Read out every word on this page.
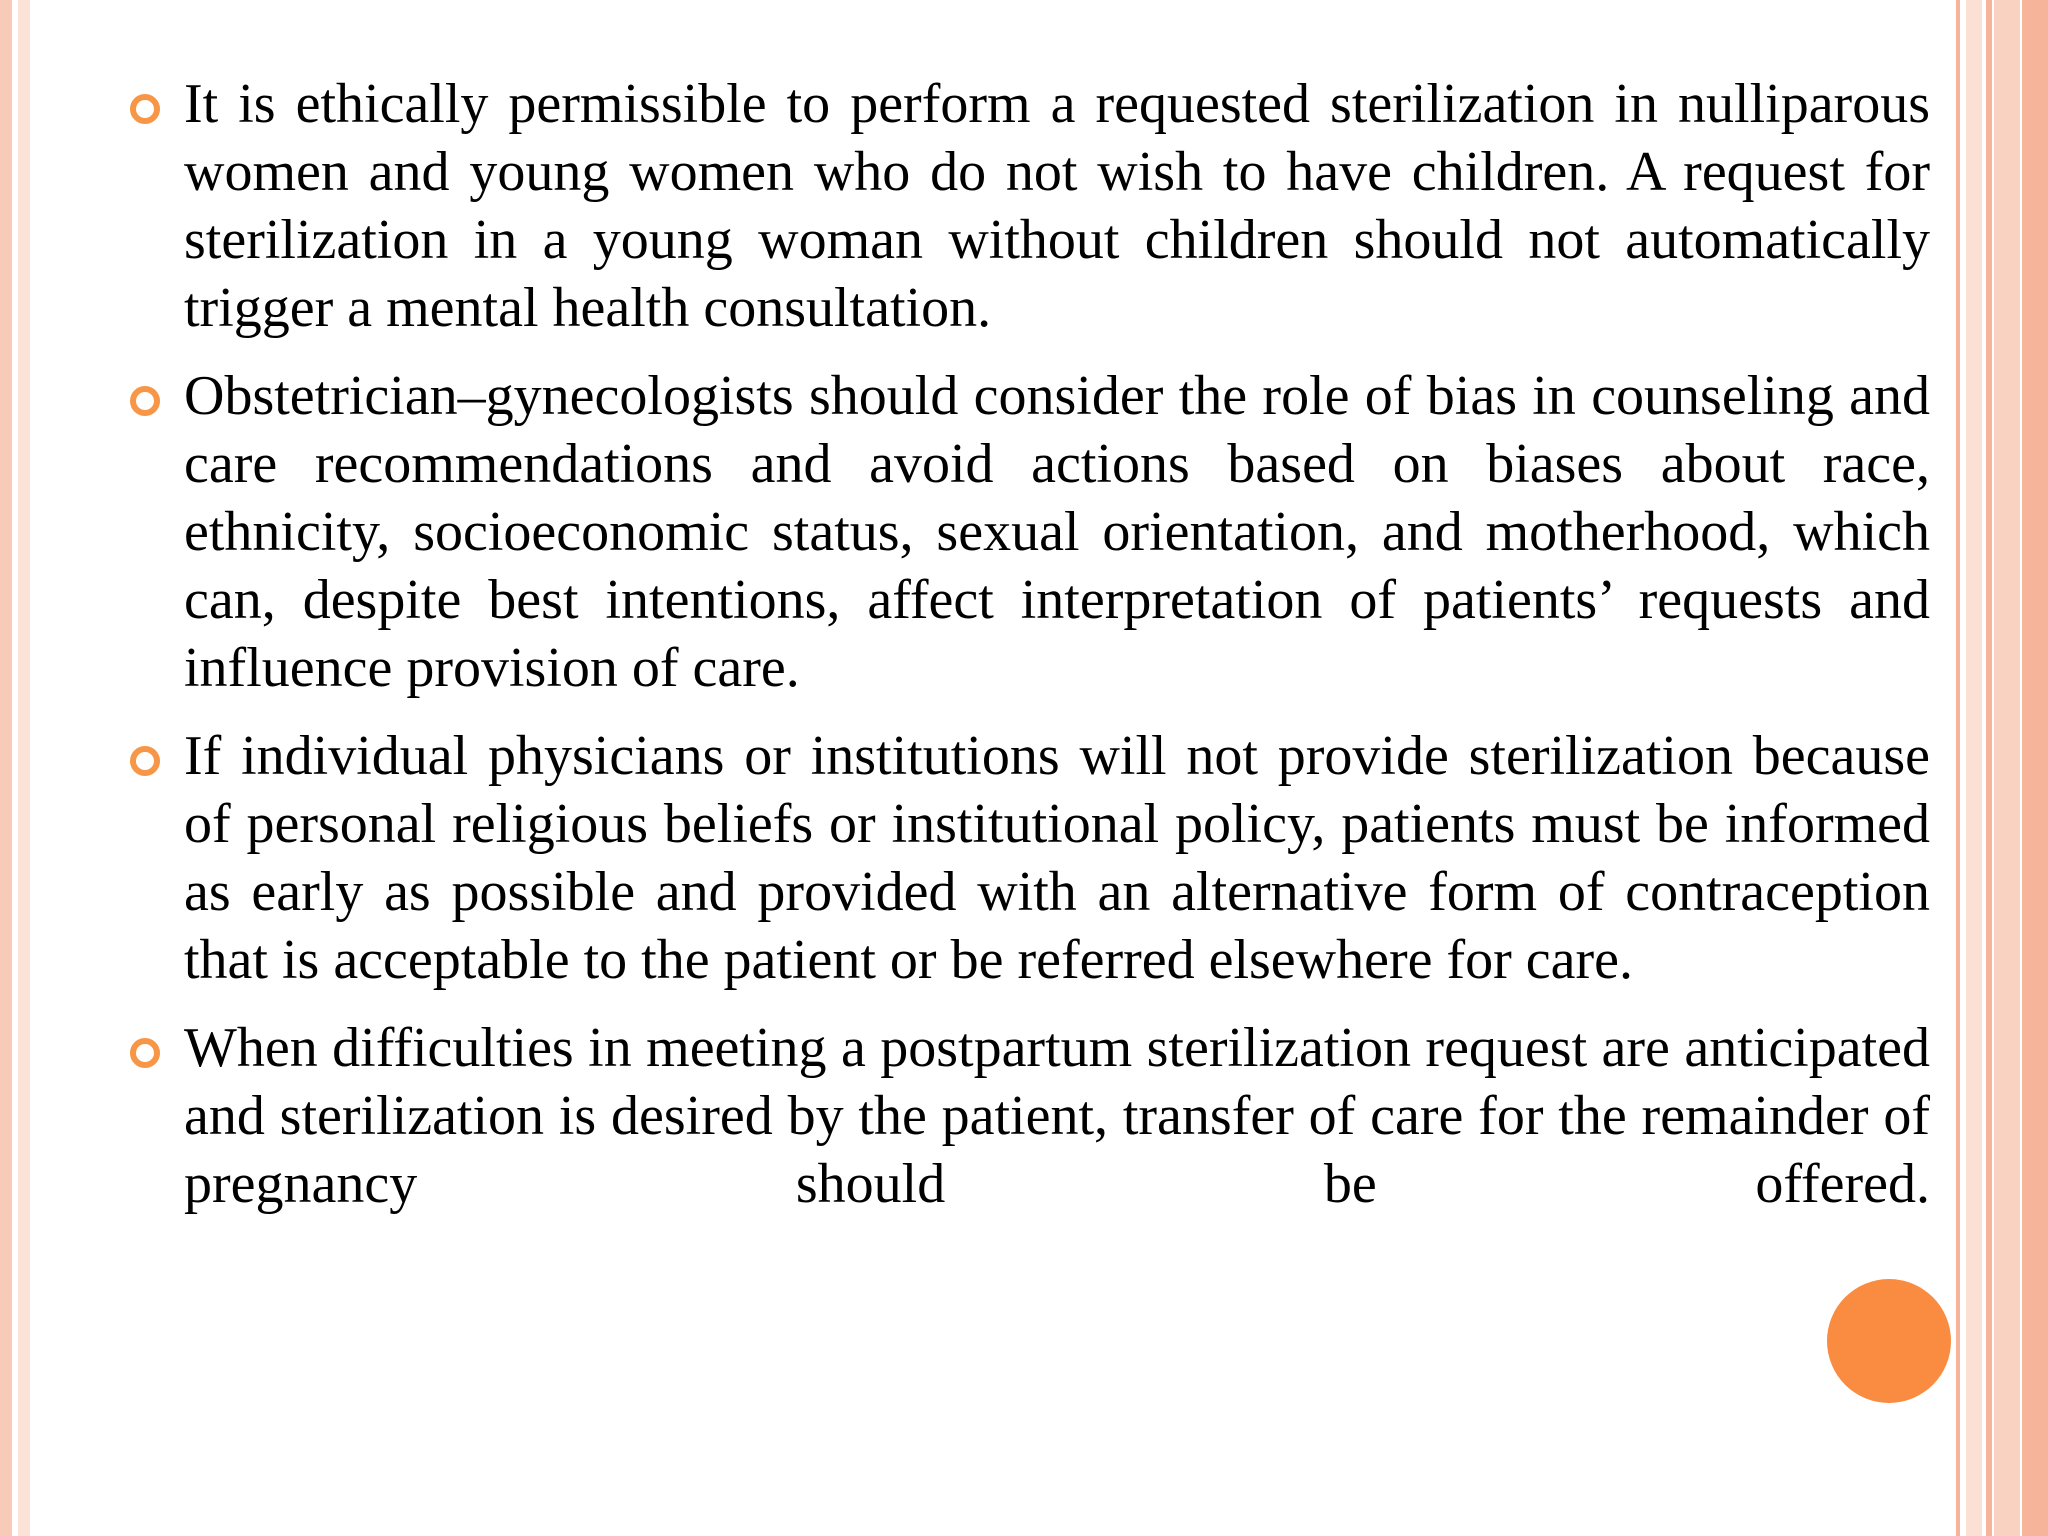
It is ethically permissible to perform a requested sterilization in nulliparous women and young women who do not wish to have children. A request for sterilization in a young woman without children should not automatically trigger a mental health consultation.

Obstetrician–gynecologists should consider the role of bias in counseling and care recommendations and avoid actions based on biases about race, ethnicity, socioeconomic status, sexual orientation, and motherhood, which can, despite best intentions, affect interpretation of patients’ requests and influence provision of care.

If individual physicians or institutions will not provide sterilization because of personal religious beliefs or institutional policy, patients must be informed as early as possible and provided with an alternative form of contraception that is acceptable to the patient or be referred elsewhere for care.

When difficulties in meeting a postpartum sterilization request are anticipated and sterilization is desired by the patient, transfer of care for the remainder of pregnancy should be offered.
